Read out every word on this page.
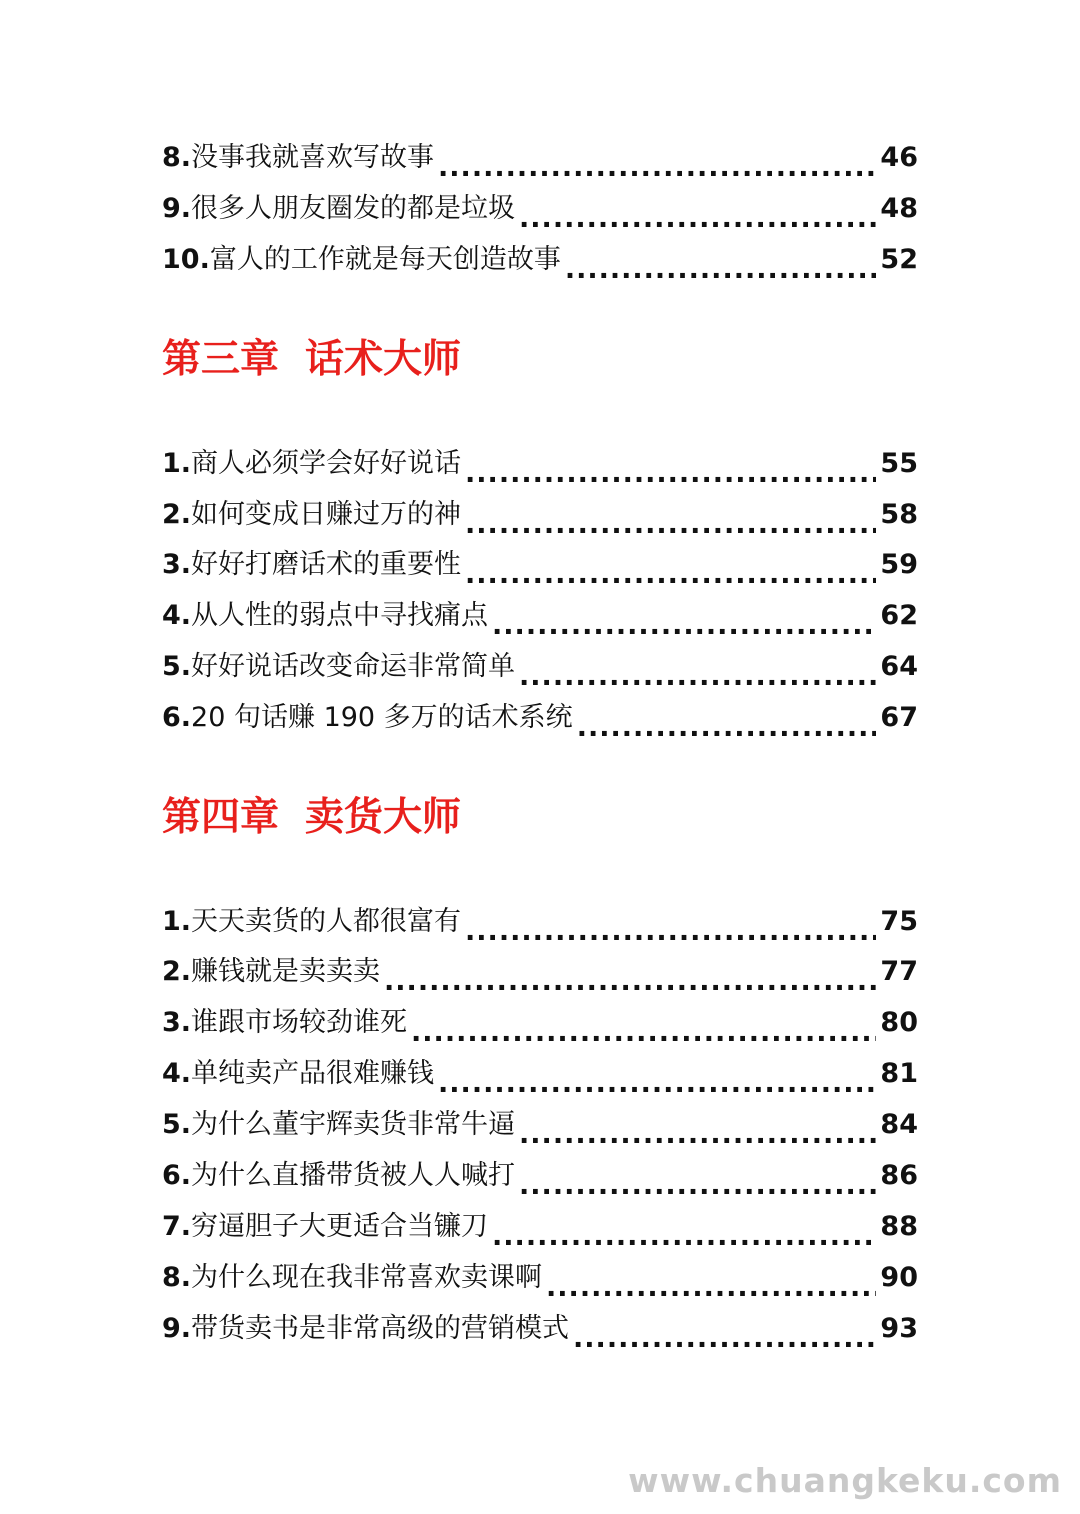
8. 没事我就喜欢写故事 .....	46
9. 很多人朋友圈发的都是垃圾 .....	48
10. 富人的工作就是每天创造故事 .....	52
第三章 话术大师
1. 商人必须学会好好说话 .....	55
2. 如何变成日赚过万的神 .....	58
3. 好好打磨话术的重要性 .....	59
4. 从人性的弱点中寻找痛点 .....	62
5. 好好说话改变命运非常简单 .....	64
6. 20 句话赚 190 多万的话术系统 .....	67
第四章 卖货大师
1. 天天卖货的人都很富有 .....	75
2. 赚钱就是卖卖卖 .....	77
3. 谁跟市场较劲谁死 .....	80
4. 单纯卖产品很难赚钱 .....	81
5. 为什么董宇辉卖货非常牛逼 .....	84
6. 为什么直播带货被人人喊打 .....	86
7. 穷逼胆子大更适合当镰刀 .....	88
8. 为什么现在我非常喜欢卖课啊 .....	90
9. 带货卖书是非常高级的营销模式 .....	93
www.chuangkeku.com
